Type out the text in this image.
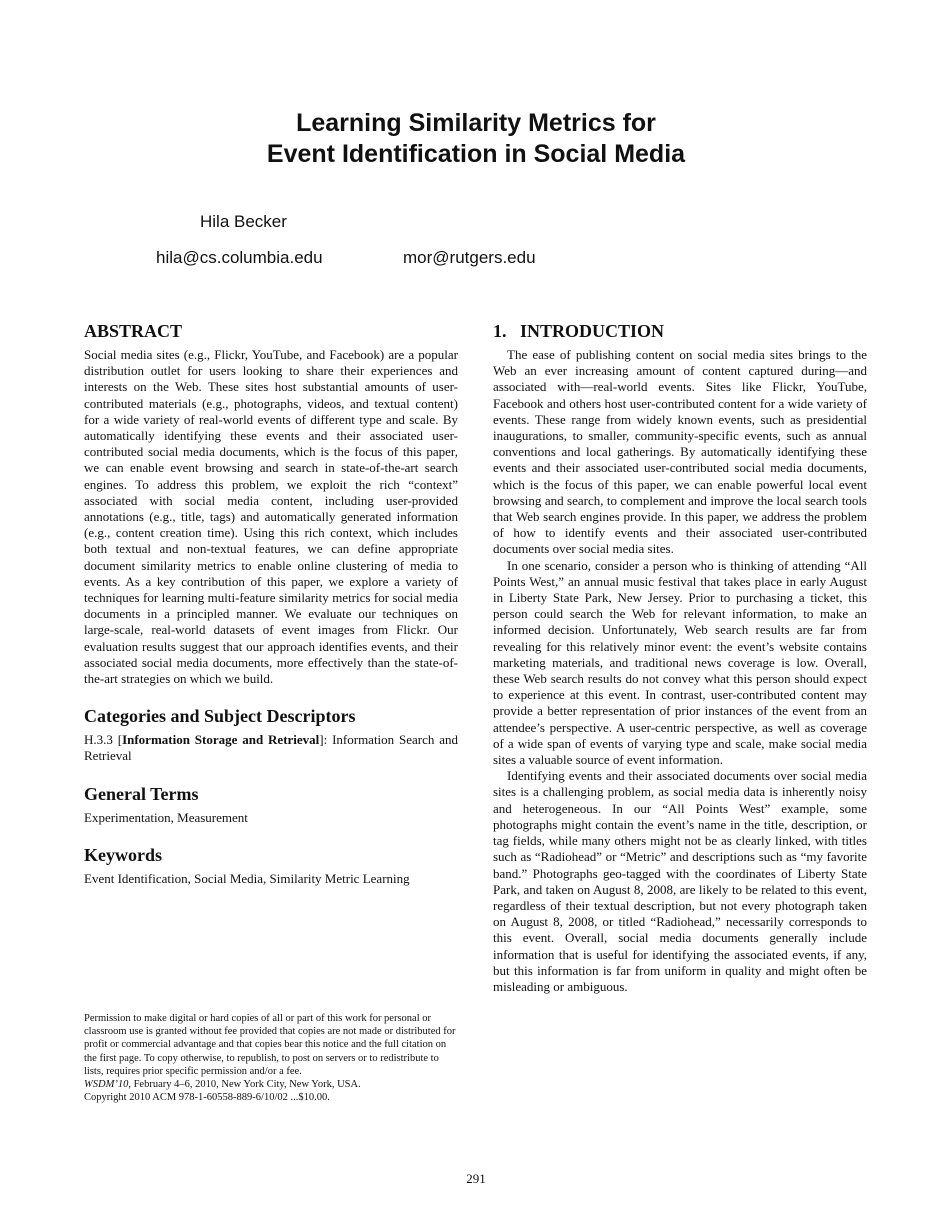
Learning Similarity Metrics for
Event Identification in Social Media
Hila Becker
hila@cs.columbia.edu	mor@rutgers.edu
ABSTRACT

Social media sites (e.g., Flickr, YouTube, and Facebook) are a popular distribution outlet for users looking to share their experiences and interests on the Web. These sites host substantial amounts of user-contributed materials (e.g., photographs, videos, and textual content) for a wide variety of real-world events of different type and scale. By automatically identifying these events and their associated user-contributed social media documents, which is the focus of this paper, we can enable event browsing and search in state-of-the-art search engines. To address this problem, we exploit the rich “context” associated with social media content, including user-provided annotations (e.g., title, tags) and automatically generated information (e.g., content creation time). Using this rich context, which includes both textual and non-textual features, we can define appropriate document similarity metrics to enable online clustering of media to events. As a key contribution of this paper, we explore a variety of techniques for learning multi-feature similarity metrics for social media documents in a principled manner. We evaluate our techniques on large-scale, real-world datasets of event images from Flickr. Our evaluation results suggest that our approach identifies events, and their associated social media documents, more effectively than the state-of-the-art strategies on which we build.

Categories and Subject Descriptors

H.3.3 [Information Storage and Retrieval]: Information Search and Retrieval

General Terms

Experimentation, Measurement

Keywords

Event Identification, Social Media, Similarity Metric Learning

Permission to make digital or hard copies of all or part of this work for personal or classroom use is granted without fee provided that copies are not made or distributed for profit or commercial advantage and that copies bear this notice and the full citation on the first page. To copy otherwise, to republish, to post on servers or to redistribute to lists, requires prior specific permission and/or a fee.

WSDM’10, February 4–6, 2010, New York City, New York, USA.

Copyright 2010 ACM 978-1-60558-889-6/10/02 ...$10.00.

1.   INTRODUCTION

The ease of publishing content on social media sites brings to the Web an ever increasing amount of content captured during—and associated with—real-world events. Sites like Flickr, YouTube, Facebook and others host user-contributed content for a wide variety of events. These range from widely known events, such as presidential inaugurations, to smaller, community-specific events, such as annual conventions and local gatherings. By automatically identifying these events and their associated user-contributed social media documents, which is the focus of this paper, we can enable powerful local event browsing and search, to complement and improve the local search tools that Web search engines provide. In this paper, we address the problem of how to identify events and their associated user-contributed documents over social media sites.

In one scenario, consider a person who is thinking of attending “All Points West,” an annual music festival that takes place in early August in Liberty State Park, New Jersey. Prior to purchasing a ticket, this person could search the Web for relevant information, to make an informed decision. Unfortunately, Web search results are far from revealing for this relatively minor event: the event’s website contains marketing materials, and traditional news coverage is low. Overall, these Web search results do not convey what this person should expect to experience at this event. In contrast, user-contributed content may provide a better representation of prior instances of the event from an attendee’s perspective. A user-centric perspective, as well as coverage of a wide span of events of varying type and scale, make social media sites a valuable source of event information.

Identifying events and their associated documents over social media sites is a challenging problem, as social media data is inherently noisy and heterogeneous. In our “All Points West” example, some photographs might contain the event’s name in the title, description, or tag fields, while many others might not be as clearly linked, with titles such as “Radiohead” or “Metric” and descriptions such as “my favorite band.” Photographs geo-tagged with the coordinates of Liberty State Park, and taken on August 8, 2008, are likely to be related to this event, regardless of their textual description, but not every photograph taken on August 8, 2008, or titled “Radiohead,” necessarily corresponds to this event. Overall, social media documents generally include information that is useful for identifying the associated events, if any, but this information is far from uniform in quality and might often be misleading or ambiguous.

291
